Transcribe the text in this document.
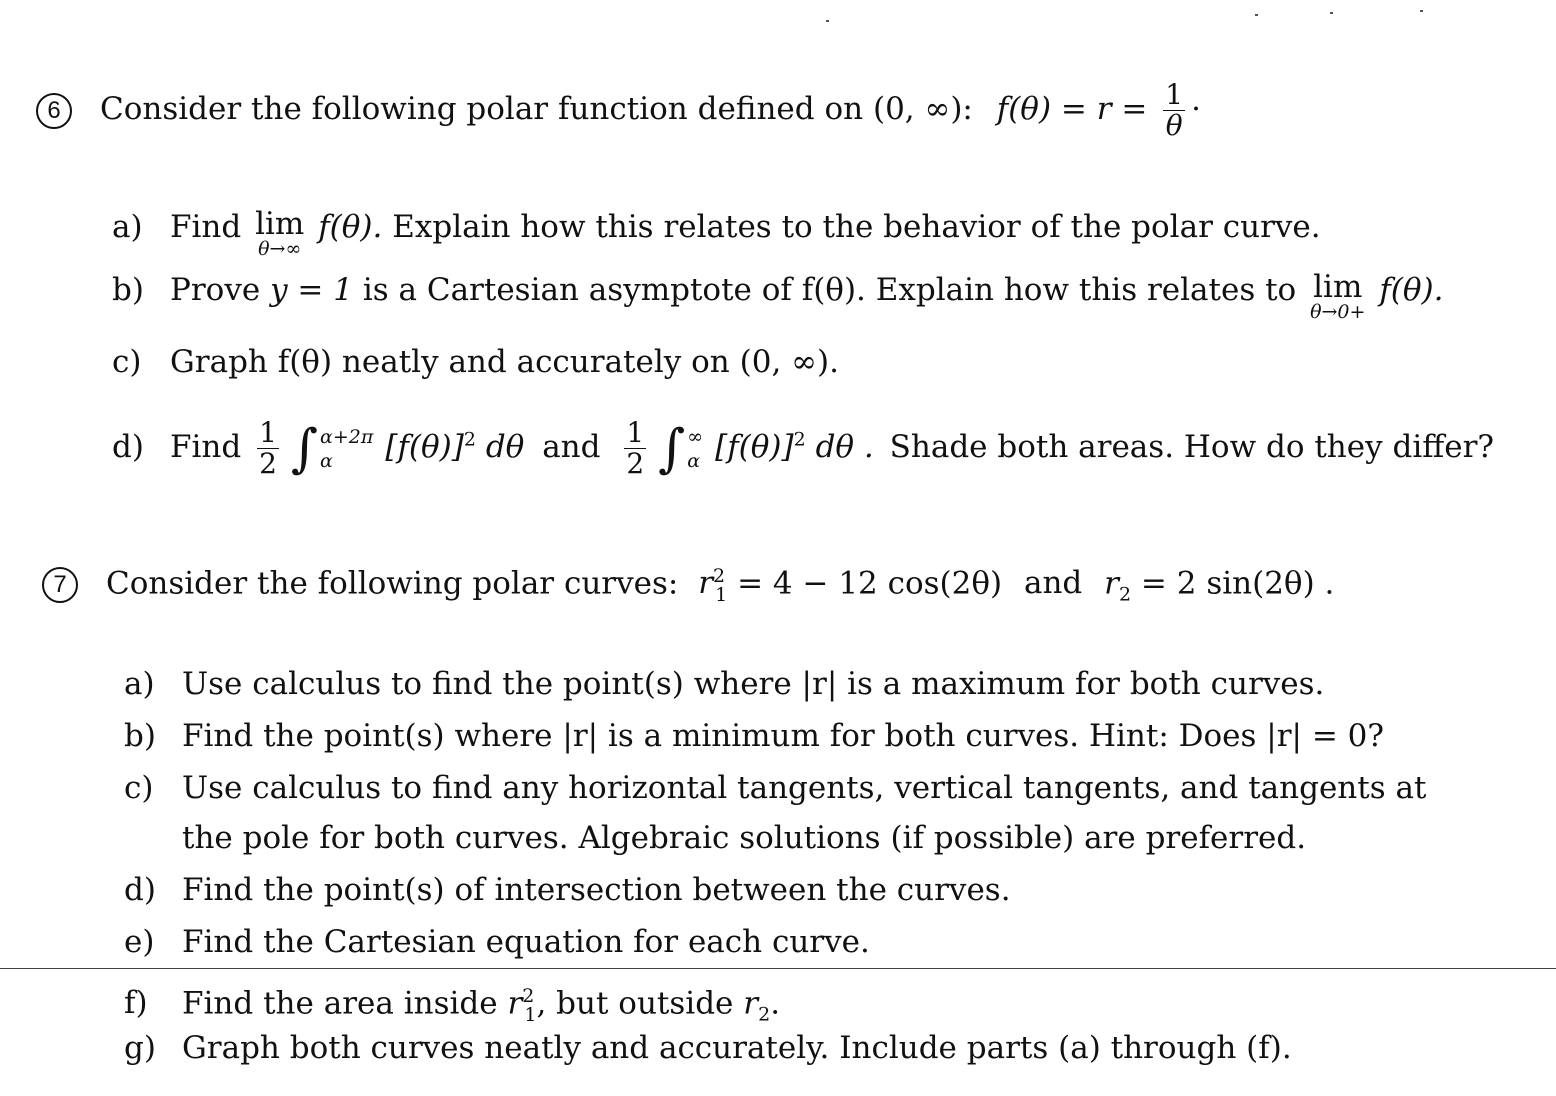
6 Consider the following polar function defined on (0, ∞): $f(\theta) = r = \frac{1}{\theta}$ ·
a) Find lim
θ→∞
f(θ). Explain how this relates to the behavior of the polar curve.
b) Prove y = 1 is a Cartesian asymptote of f(θ). Explain how this relates to lim
θ→0+
f(θ).
c) Graph f(θ) neatly and accurately on (0, ∞).
d) Find $\frac{1}{2}$ ∫ α+2π
α	$[f(\theta)]^2$ dθ and $\frac{1}{2}$ ∫ ∞
α $[f(\theta)]^2$ dθ . Shade both areas. How do they differ?
7 Consider the following polar curves: $r^2_1 = 4 - 12$ cos(2θ) and $r_2 = 2$ sin(2θ) .
a) Use calculus to find the point(s) where |r| is a maximum for both curves.
b) Find the point(s) where |r| is a minimum for both curves. Hint: Does |r| = 0?
c) Use calculus to find any horizontal tangents, vertical tangents, and tangents at
the pole for both curves. Algebraic solutions (if possible) are preferred.
d) Find the point(s) of intersection between the curves.
e) Find the Cartesian equation for each curve.
f) Find the area inside $r^2_1$, but outside $r_2$.
g) Graph both curves neatly and accurately. Include parts (a) through (f).
